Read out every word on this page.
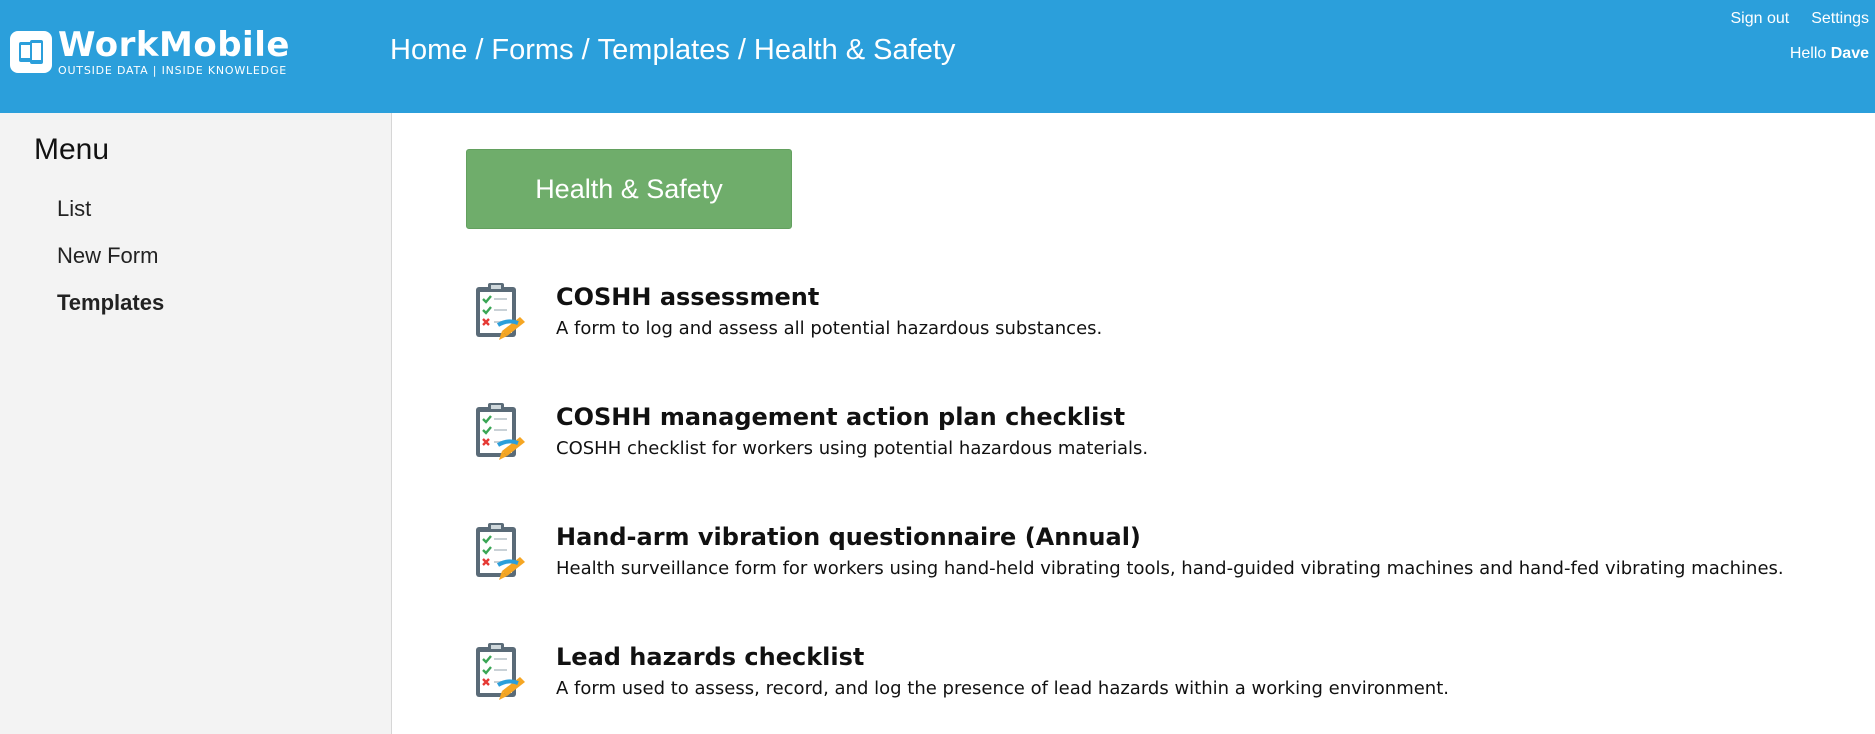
WorkMobile
OUTSIDE DATA | INSIDE KNOWLEDGE
Home / Forms / Templates / Health & Safety
Sign out Settings
Hello Dave
Menu
List
New Form
Templates
Health & Safety
COSHH assessment
A form to log and assess all potential hazardous substances.
COSHH management action plan checklist
COSHH checklist for workers using potential hazardous materials.
Hand-arm vibration questionnaire (Annual)
Health surveillance form for workers using hand-held vibrating tools, hand-guided vibrating machines and hand-fed vibrating machines.
Lead hazards checklist
A form used to assess, record, and log the presence of lead hazards within a working environment.
